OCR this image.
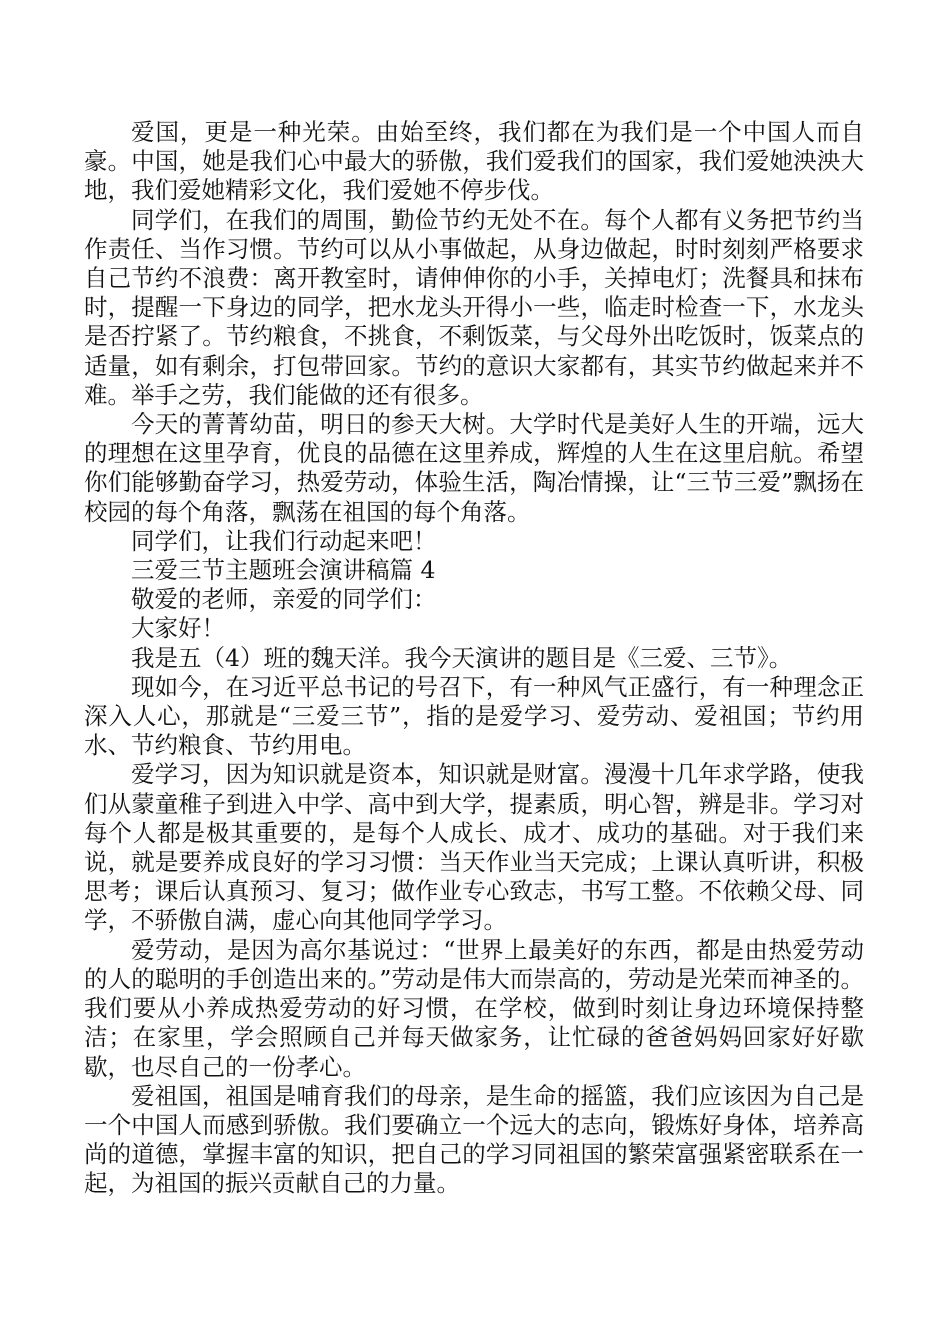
爱国，更是一种光荣。由始至终，我们都在为我们是一个中国人而自豪。中国，她是我们心中最大的骄傲，我们爱我们的国家，我们爱她泱泱大地，我们爱她精彩文化，我们爱她不停步伐。

同学们，在我们的周围，勤俭节约无处不在。每个人都有义务把节约当作责任、当作习惯。节约可以从小事做起，从身边做起，时时刻刻严格要求自己节约不浪费：离开教室时，请伸伸你的小手，关掉电灯；洗餐具和抹布时，提醒一下身边的同学，把水龙头开得小一些，临走时检查一下，水龙头是否拧紧了。节约粮食，不挑食，不剩饭菜，与父母外出吃饭时，饭菜点的适量，如有剩余，打包带回家。节约的意识大家都有，其实节约做起来并不难。举手之劳，我们能做的还有很多。

今天的菁菁幼苗，明日的参天大树。大学时代是美好人生的开端，远大的理想在这里孕育，优良的品德在这里养成，辉煌的人生在这里启航。希望你们能够勤奋学习，热爱劳动，体验生活，陶冶情操，让“三节三爱”飘扬在校园的每个角落，飘荡在祖国的每个角落。

同学们，让我们行动起来吧！

三爱三节主题班会演讲稿篇 4

敬爱的老师，亲爱的同学们：

大家好！

我是五（4）班的魏天洋。我今天演讲的题目是《三爱、三节》。

现如今，在习近平总书记的号召下，有一种风气正盛行，有一种理念正深入人心，那就是“三爱三节”，指的是爱学习、爱劳动、爱祖国；节约用水、节约粮食、节约用电。

爱学习，因为知识就是资本，知识就是财富。漫漫十几年求学路，使我们从蒙童稚子到进入中学、高中到大学，提素质，明心智，辨是非。学习对每个人都是极其重要的，是每个人成长、成才、成功的基础。对于我们来说，就是要养成良好的学习习惯：当天作业当天完成；上课认真听讲，积极思考；课后认真预习、复习；做作业专心致志，书写工整。不依赖父母、同学，不骄傲自满，虚心向其他同学学习。

爱劳动，是因为高尔基说过：“世界上最美好的东西，都是由热爱劳动的人的聪明的手创造出来的。”劳动是伟大而崇高的，劳动是光荣而神圣的。我们要从小养成热爱劳动的好习惯，在学校，做到时刻让身边环境保持整洁；在家里，学会照顾自己并每天做家务，让忙碌的爸爸妈妈回家好好歇歇，也尽自己的一份孝心。

爱祖国，祖国是哺育我们的母亲，是生命的摇篮，我们应该因为自己是一个中国人而感到骄傲。我们要确立一个远大的志向，锻炼好身体，培养高尚的道德，掌握丰富的知识，把自己的学习同祖国的繁荣富强紧密联系在一起，为祖国的振兴贡献自己的力量。
